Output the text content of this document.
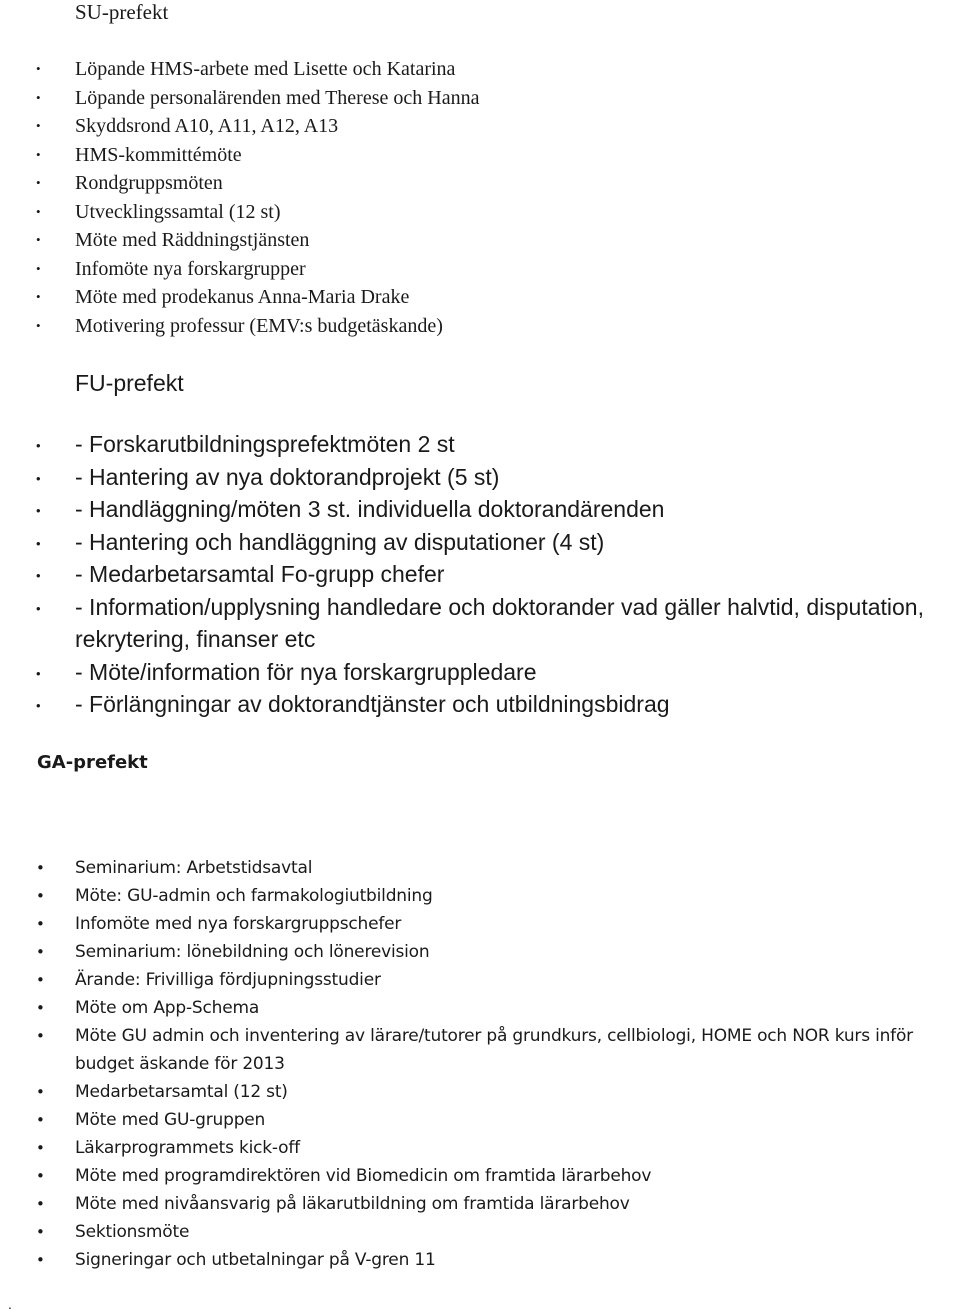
SU-prefekt
• Löpande HMS-arbete med Lisette och Katarina
• Löpande personalärenden med Therese och Hanna
• Skyddsrond A10, A11, A12, A13
• HMS-kommittémöte
• Rondgruppsmöten
• Utvecklingssamtal (12 st)
• Möte med Räddningstjänsten
• Infomöte nya forskargrupper
• Möte med prodekanus Anna-Maria Drake
• Motivering professur (EMV:s budgetäskande)
FU-prefekt
• - Forskarutbildningsprefektmöten 2 st
• - Hantering av nya doktorandprojekt (5 st)
• - Handläggning/möten 3 st. individuella doktorandärenden
• - Hantering och handläggning av disputationer (4 st)
• - Medarbetarsamtal Fo-grupp chefer
• - Information/upplysning handledare och doktorander vad gäller halvtid, disputation, rekrytering, finanser etc
• - Möte/information för nya forskargruppledare
• - Förlängningar av doktorandtjänster och utbildningsbidrag
GA-prefekt
• Seminarium: Arbetstidsavtal
• Möte: GU-admin och farmakologiutbildning
• Infomöte med nya forskargruppschefer
• Seminarium: lönebildning och lönerevision
• Ärande: Frivilliga fördjupningsstudier
• Möte om App-Schema
• Möte GU admin och inventering av lärare/tutorer på grundkurs, cellbiologi, HOME och NOR kurs inför budget äskande för 2013
• Medarbetarsamtal (12 st)
• Möte med GU-gruppen
• Läkarprogrammets kick-off
• Möte med programdirektören vid Biomedicin om framtida lärarbehov
• Möte med nivåansvarig på läkarutbildning om framtida lärarbehov
• Sektionsmöte
• Signeringar och utbetalningar på V-gren 11
.
